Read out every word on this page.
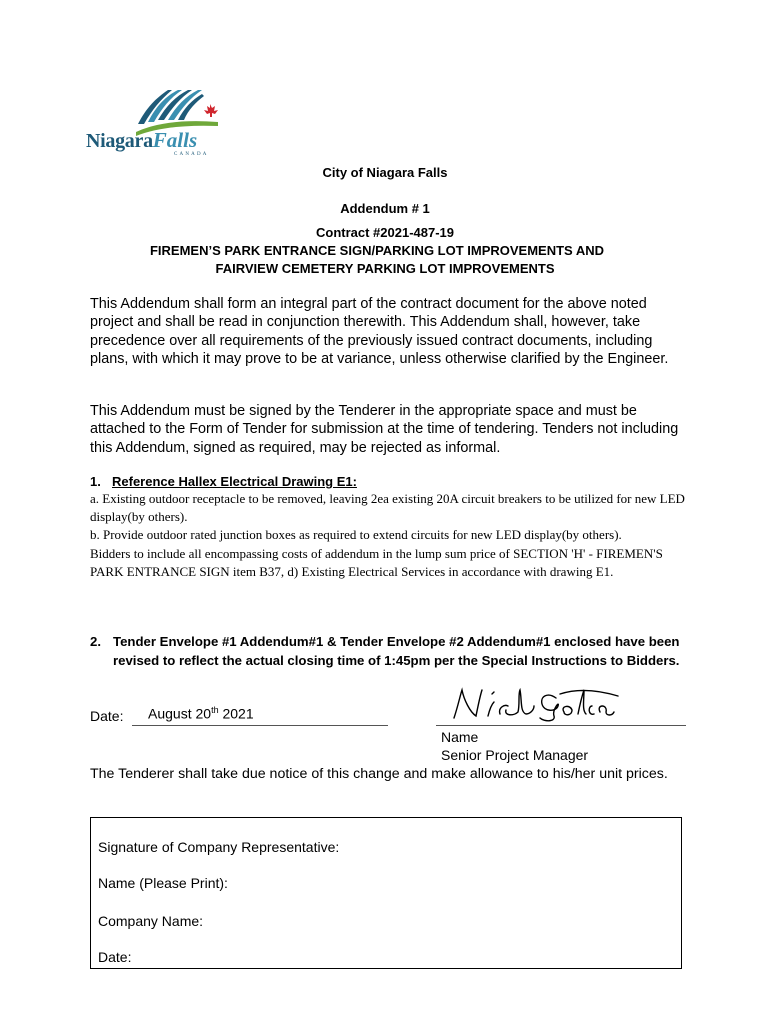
NiagaraFalls
CANADA
City of Niagara Falls
Addendum # 1
Contract #2021-487-19
FIREMEN’S PARK ENTRANCE SIGN/PARKING LOT IMPROVEMENTS AND
FAIRVIEW CEMETERY PARKING LOT IMPROVEMENTS
This Addendum shall form an integral part of the contract document for the above noted project and shall be read in conjunction therewith. This Addendum shall, however, take precedence over all requirements of the previously issued contract documents, including plans, with which it may prove to be at variance, unless otherwise clarified by the Engineer.
This Addendum must be signed by the Tenderer in the appropriate space and must be attached to the Form of Tender for submission at the time of tendering. Tenders not including this Addendum, signed as required, may be rejected as informal.
1. Reference Hallex Electrical Drawing E1:
a. Existing outdoor receptacle to be removed, leaving 2ea existing 20A circuit breakers to be utilized for new LED display(by others).
b. Provide outdoor rated junction boxes as required to extend circuits for new LED display(by others).
Bidders to include all encompassing costs of addendum in the lump sum price of SECTION 'H' - FIREMEN'S PARK ENTRANCE SIGN item B37, d) Existing Electrical Services in accordance with drawing E1.
2. Tender Envelope #1 Addendum#1 & Tender Envelope #2 Addendum#1 enclosed have been revised to reflect the actual closing time of 1:45pm per the Special Instructions to Bidders.
Date: August 20th 2021
Name
Senior Project Manager
The Tenderer shall take due notice of this change and make allowance to his/her unit prices.
Signature of Company Representative:
Name (Please Print):
Company Name:
Date:
